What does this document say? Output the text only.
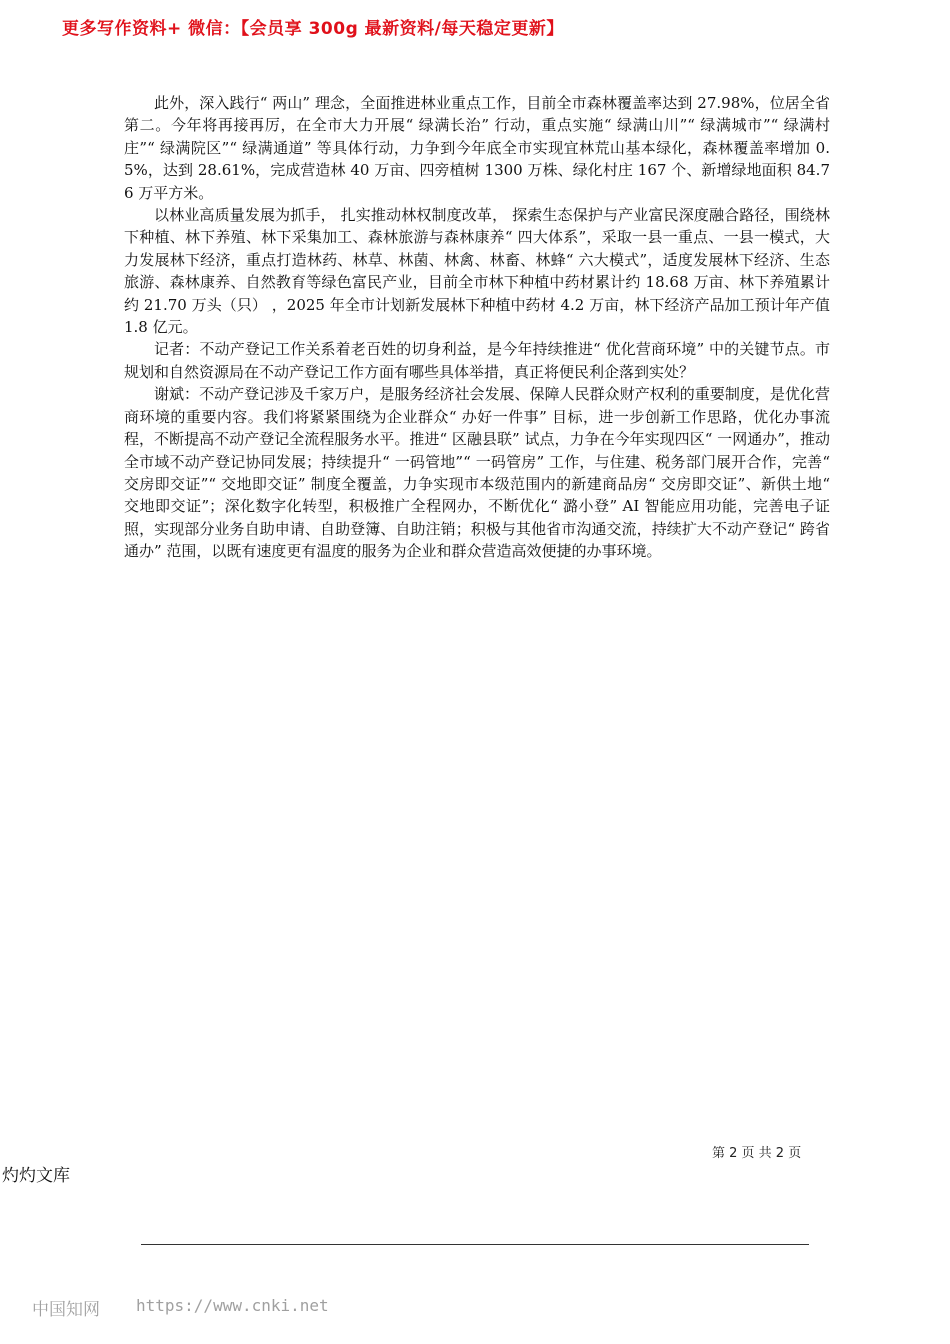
更多写作资料+ 微信：【会员享 300g 最新资料/每天稳定更新】

此外，深入践行“ 两山” 理念，全面推进林业重点工作，目前全市森林覆盖率达到 27.98%，位居全省第二。今年将再接再厉，在全市大力开展“ 绿满长治” 行动，重点实施“ 绿满山川”“ 绿满城市”“ 绿满村庄”“ 绿满院区”“ 绿满通道” 等具体行动，力争到今年底全市实现宜林荒山基本绿化，森林覆盖率增加 0.5%，达到 28.61%，完成营造林 40 万亩、四旁植树 1300 万株、绿化村庄 167 个、新增绿地面积 84.76 万平方米。

以林业高质量发展为抓手， 扎实推动林权制度改革， 探索生态保护与产业富民深度融合路径，围绕林下种植、林下养殖、林下采集加工、森林旅游与森林康养“ 四大体系”，采取一县一重点、一县一模式，大力发展林下经济，重点打造林药、林草、林菌、林禽、林畜、林蜂“ 六大模式”，适度发展林下经济、生态旅游、森林康养、自然教育等绿色富民产业，目前全市林下种植中药材累计约 18.68 万亩、林下养殖累计约 21.70 万头（只） ，2025 年全市计划新发展林下种植中药材 4.2 万亩，林下经济产品加工预计年产值 1.8 亿元。

记者：不动产登记工作关系着老百姓的切身利益，是今年持续推进“ 优化营商环境” 中的关键节点。市规划和自然资源局在不动产登记工作方面有哪些具体举措，真正将便民利企落到实处？

谢斌：不动产登记涉及千家万户，是服务经济社会发展、保障人民群众财产权利的重要制度，是优化营商环境的重要内容。我们将紧紧围绕为企业群众“ 办好一件事” 目标，进一步创新工作思路，优化办事流程，不断提高不动产登记全流程服务水平。推进“ 区融县联” 试点，力争在今年实现四区“ 一网通办”，推动全市域不动产登记协同发展；持续提升“ 一码管地”“ 一码管房” 工作，与住建、税务部门展开合作，完善“ 交房即交证”“ 交地即交证” 制度全覆盖，力争实现市本级范围内的新建商品房“ 交房即交证”、新供土地“ 交地即交证”；深化数字化转型，积极推广全程网办，不断优化“ 潞小登” AI 智能应用功能，完善电子证照，实现部分业务自助申请、自助登簿、自助注销；积极与其他省市沟通交流，持续扩大不动产登记“ 跨省通办” 范围，以既有速度更有温度的服务为企业和群众营造高效便捷的办事环境。

第 2 页 共 2 页
灼灼文库
中国知网 https://www.cnki.net
